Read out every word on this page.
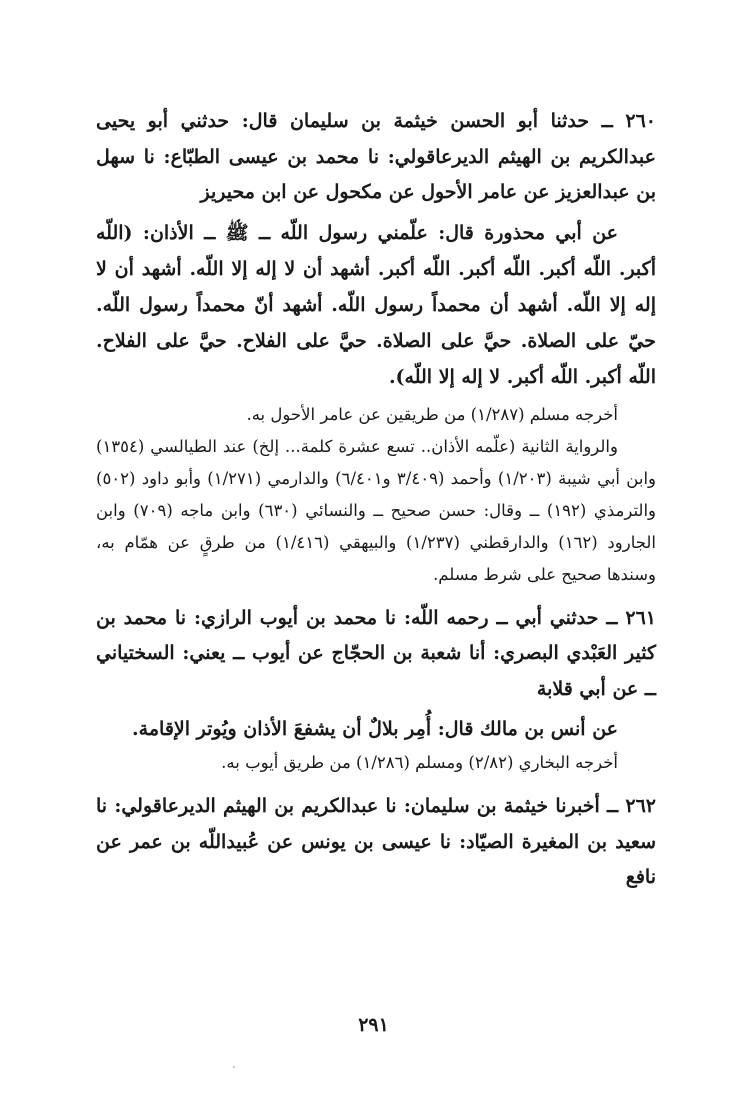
٢٦٠ ــ حدثنا أبو الحسن خيثمة بن سليمان قال: حدثني أبو يحيى عبدالكريم بن الهيثم الديرعاقولي: نا محمد بن عيسى الطبّاع: نا سهل بن عبدالعزيز عن عامر الأحول عن مكحول عن ابن محيريز

عن أبي محذورة قال: علّمني رسول اللّه ــ ﷺ ــ الأذان: (اللّه أكبر. اللّه أكبر. اللّه أكبر. اللّه أكبر. أشهد أن لا إله إلا اللّه. أشهد أن لا إله إلا اللّه. أشهد أن محمداً رسول اللّه. أشهد أنّ محمداً رسول اللّه. حيّ على الصلاة. حيَّ على الصلاة. حيَّ على الفلاح. حيَّ على الفلاح. اللّه أكبر. اللّه أكبر. لا إله إلا اللّه).

أخرجه مسلم (١/٢٨٧) من طريقين عن عامر الأحول به.

والرواية الثانية (علّمه الأذان.. تسع عشرة كلمة... إلخ) عند الطيالسي (١٣٥٤) وابن أبي شيبة (١/٢٠٣) وأحمد (٣/٤٠٩ و٦/٤٠١) والدارمي (١/٢٧١) وأبو داود (٥٠٢) والترمذي (١٩٢) ــ وقال: حسن صحيح ــ والنسائي (٦٣٠) وابن ماجه (٧٠٩) وابن الجارود (١٦٢) والدارقطني (١/٢٣٧) والبيهقي (١/٤١٦) من طرقٍ عن همّام به، وسندها صحيح على شرط مسلم.

٢٦١ ــ حدثني أبي ــ رحمه اللّه: نا محمد بن أيوب الرازي: نا محمد بن كثير العَبْدي البصري: أنا شعبة بن الحجّاج عن أيوب ــ يعني: السختياني ــ عن أبي قلابة

عن أنس بن مالك قال: أُمِر بلالٌ أن يشفعَ الأذان ويُوتر الإقامة.

أخرجه البخاري (٢/٨٢) ومسلم (١/٢٨٦) من طريق أيوب به.

٢٦٢ ــ أخبرنا خيثمة بن سليمان: نا عبدالكريم بن الهيثم الديرعاقولي: نا سعيد بن المغيرة الصيّاد: نا عيسى بن يونس عن عُبيداللّه بن عمر عن نافع

٢٩١
